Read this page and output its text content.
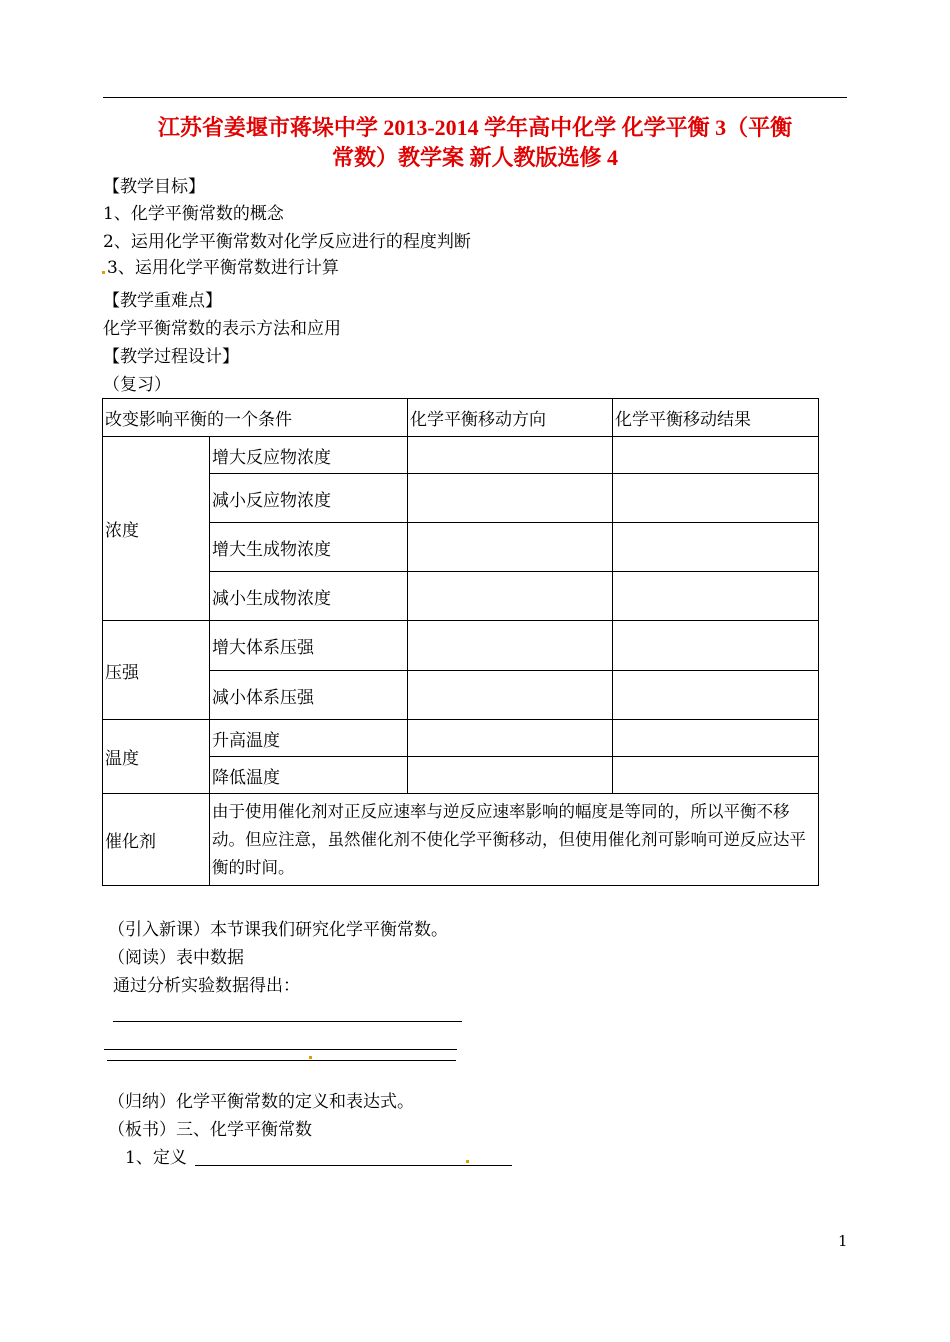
江苏省姜堰市蒋垛中学 2013-2014 学年高中化学 化学平衡 3（平衡
常数）教学案 新人教版选修 4
【教学目标】
1、化学平衡常数的概念
2、运用化学平衡常数对化学反应进行的程度判断
3、运用化学平衡常数进行计算
【教学重难点】
化学平衡常数的表示方法和应用
【教学过程设计】
（复习）
改变影响平衡的一个条件		化学平衡移动方向	化学平衡移动结果
浓度	增大反应物浓度		
	减小反应物浓度		
	增大生成物浓度		
	减小生成物浓度		
压强	增大体系压强		
	减小体系压强		
温度	升高温度		
	降低温度		
催化剂	由于使用催化剂对正反应速率与逆反应速率影响的幅度是等同的，所以平衡不移动。但应注意，虽然催化剂不使化学平衡移动，但使用催化剂可影响可逆反应达平衡的时间。		
（引入新课）本节课我们研究化学平衡常数。
（阅读）表中数据
通过分析实验数据得出：
（归纳）化学平衡常数的定义和表达式。
（板书）三、化学平衡常数
1、定义
1
